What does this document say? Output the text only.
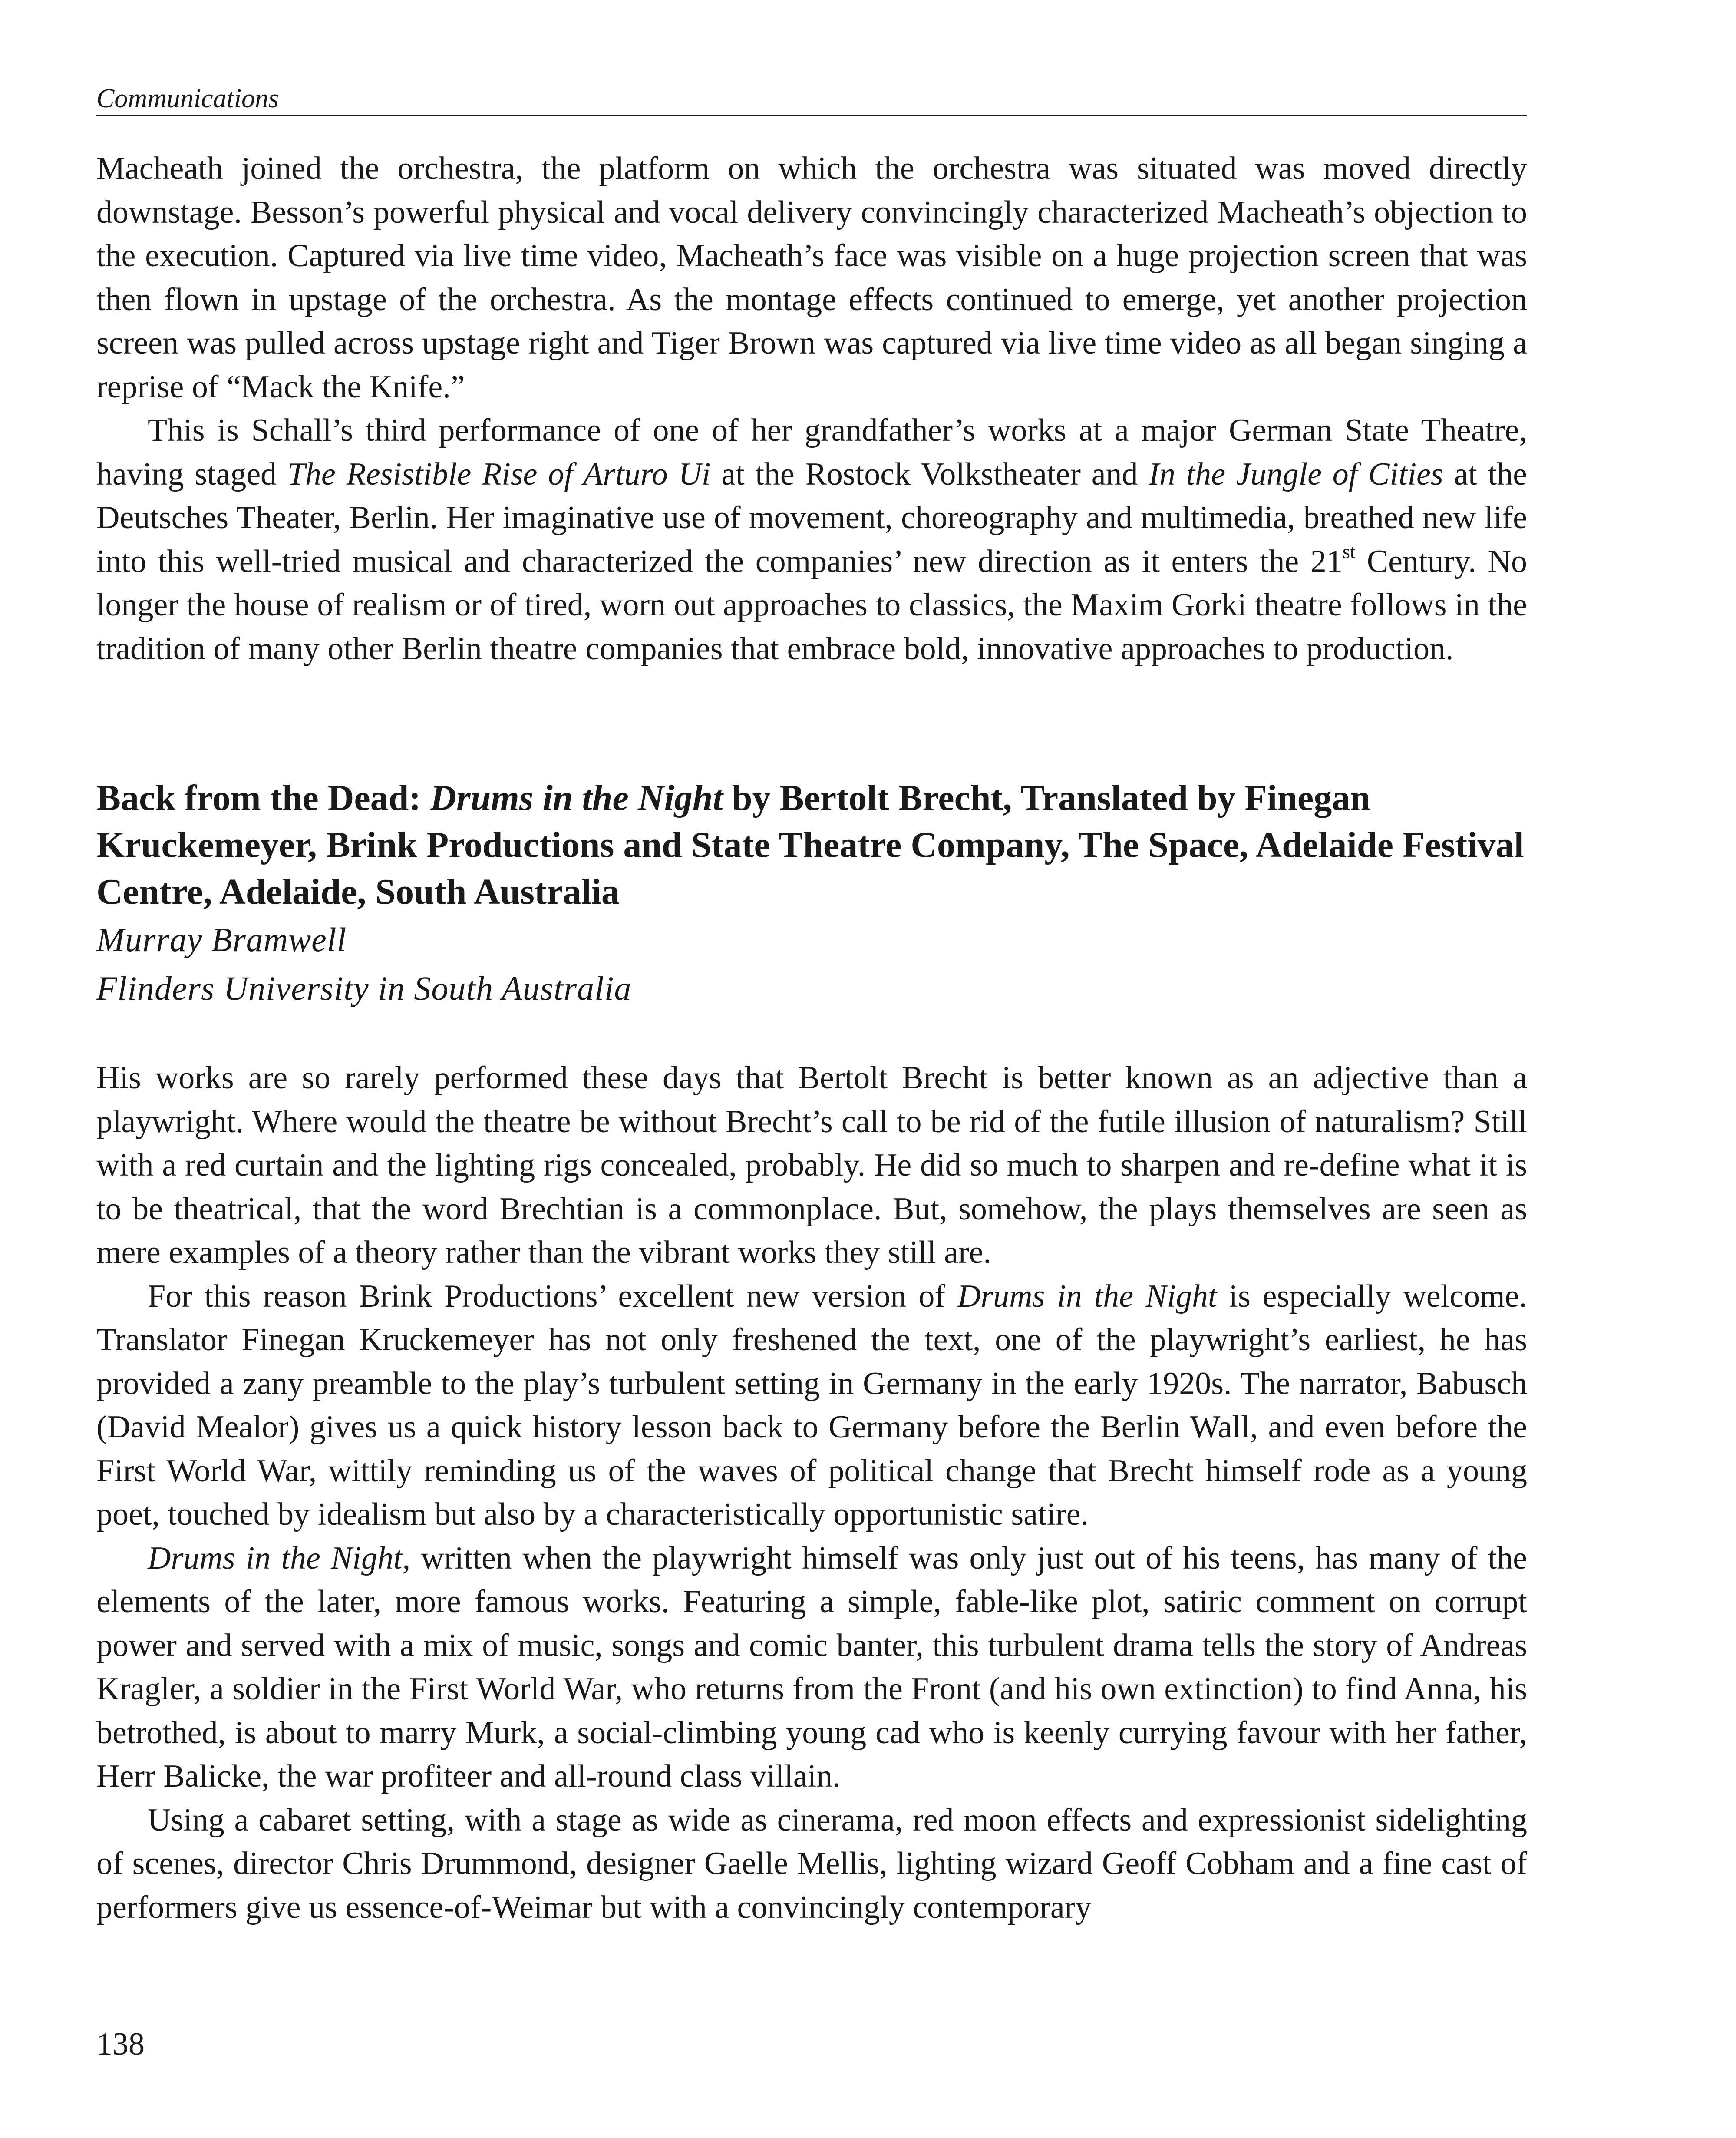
Communications

Macheath joined the orchestra, the platform on which the orchestra was situated was moved directly downstage. Besson’s powerful physical and vocal delivery convincingly characterized Macheath’s objection to the execution. Captured via live time video, Macheath’s face was visible on a huge projection screen that was then flown in upstage of the orchestra. As the montage effects continued to emerge, yet another projection screen was pulled across upstage right and Tiger Brown was captured via live time video as all began singing a reprise of “Mack the Knife.”

This is Schall’s third performance of one of her grandfather’s works at a major German State Theatre, having staged The Resistible Rise of Arturo Ui at the Rostock Volkstheater and In the Jungle of Cities at the Deutsches Theater, Berlin. Her imaginative use of movement, choreography and multimedia, breathed new life into this well-tried musical and characterized the companies’ new direction as it enters the 21st Century. No longer the house of realism or of tired, worn out approaches to classics, the Maxim Gorki theatre follows in the tradition of many other Berlin theatre companies that embrace bold, innovative approaches to production.

Back from the Dead: Drums in the Night by Bertolt Brecht, Translated by Finegan Kruckemeyer, Brink Productions and State Theatre Company, The Space, Adelaide Festival Centre, Adelaide, South Australia
Murray Bramwell
Flinders University in South Australia

His works are so rarely performed these days that Bertolt Brecht is better known as an adjective than a playwright. Where would the theatre be without Brecht’s call to be rid of the futile illusion of naturalism? Still with a red curtain and the lighting rigs concealed, probably. He did so much to sharpen and re-define what it is to be theatrical, that the word Brechtian is a commonplace. But, somehow, the plays themselves are seen as mere examples of a theory rather than the vibrant works they still are.

For this reason Brink Productions’ excellent new version of Drums in the Night is especially welcome. Translator Finegan Kruckemeyer has not only freshened the text, one of the playwright’s earliest, he has provided a zany preamble to the play’s turbulent setting in Germany in the early 1920s. The narrator, Babusch (David Mealor) gives us a quick history lesson back to Germany before the Berlin Wall, and even before the First World War, wittily reminding us of the waves of political change that Brecht himself rode as a young poet, touched by idealism but also by a characteristically opportunistic satire.

Drums in the Night, written when the playwright himself was only just out of his teens, has many of the elements of the later, more famous works. Featuring a simple, fable-like plot, satiric comment on corrupt power and served with a mix of music, songs and comic banter, this turbulent drama tells the story of Andreas Kragler, a soldier in the First World War, who returns from the Front (and his own extinction) to find Anna, his betrothed, is about to marry Murk, a social-climbing young cad who is keenly currying favour with her father, Herr Balicke, the war profiteer and all-round class villain.

Using a cabaret setting, with a stage as wide as cinerama, red moon effects and expressionist sidelighting of scenes, director Chris Drummond, designer Gaelle Mellis, lighting wizard Geoff Cobham and a fine cast of performers give us essence-of-Weimar but with a convincingly contemporary

138
